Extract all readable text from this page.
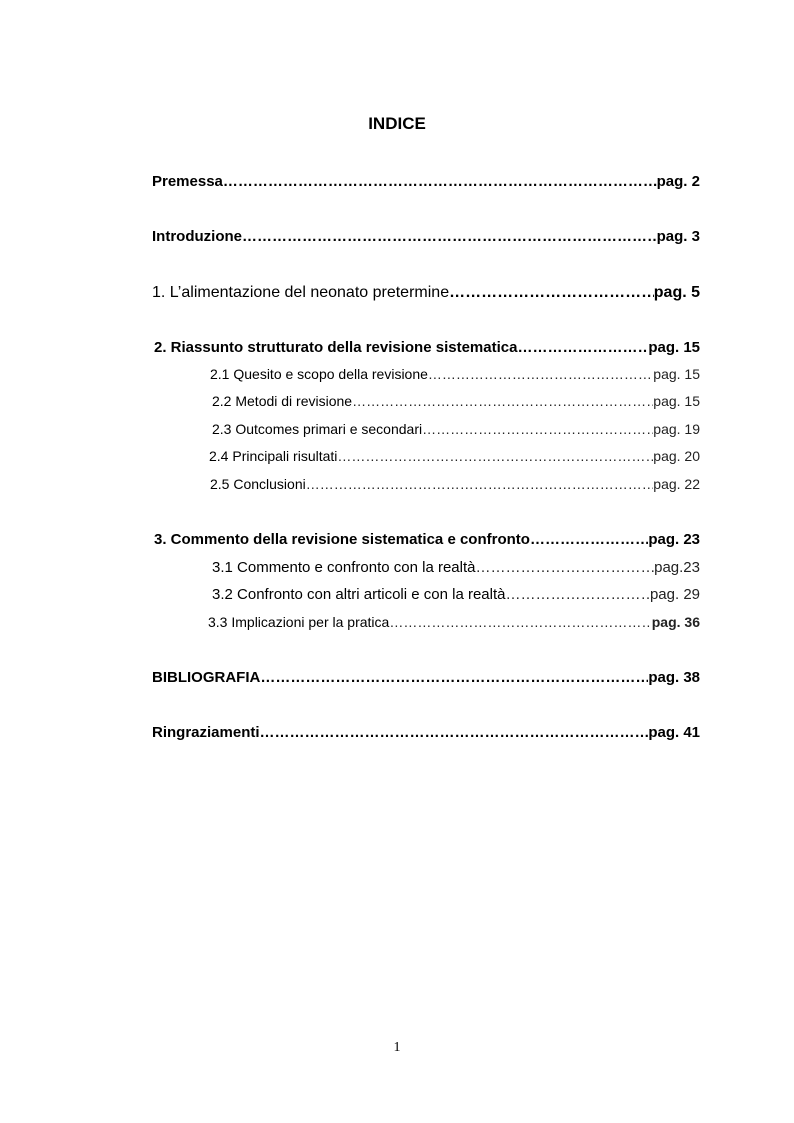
INDICE
Premessa …………………………………………………………………………………………………………………………………………………………………	pag. 2
Introduzione …………………………………………………………………………………………………………………………………………………………………	pag. 3
1. L’alimentazione del neonato pretermine …………………………………………………………………………………………………………………………………………………………………	pag. 5
2. Riassunto strutturato della revisione sistematica …………………………………………………………………………………………………………………………………………………………………	pag. 15
2.1 Quesito e scopo della revisione …………………………………………………………………………………………………………………………………………………………………	pag. 15
2.2 Metodi di revisione …………………………………………………………………………………………………………………………………………………………………	pag. 15
2.3 Outcomes primari e secondari …………………………………………………………………………………………………………………………………………………………………	pag. 19
2.4 Principali risultati …………………………………………………………………………………………………………………………………………………………………	pag. 20
2.5 Conclusioni …………………………………………………………………………………………………………………………………………………………………	pag. 22
3. Commento della revisione sistematica e confronto …………………………………………………………………………………………………………………………………………………………………	pag. 23
3.1 Commento e confronto con la realtà …………………………………………………………………………………………………………………………………………………………………	pag.23
3.2 Confronto con altri articoli e con la realtà …………………………………………………………………………………………………………………………………………………………………	pag. 29
3.3 Implicazioni per la pratica …………………………………………………………………………………………………………………………………………………………………	pag. 36
BIBLIOGRAFIA …………………………………………………………………………………………………………………………………………………………………	pag. 38
Ringraziamenti …………………………………………………………………………………………………………………………………………………………………	pag. 41
1
